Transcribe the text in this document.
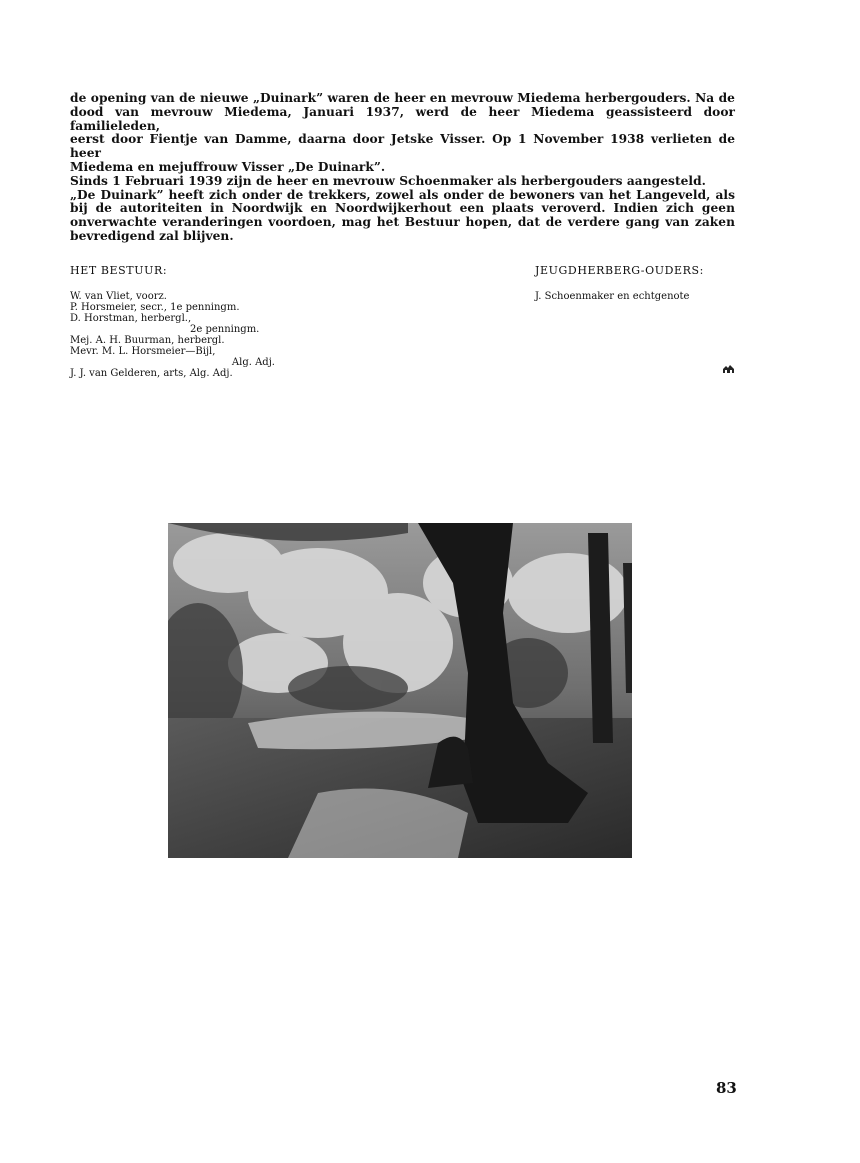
de opening van de nieuwe „Duinark” waren de heer en mevrouw Miedema herbergouders. Na de

dood van mevrouw Miedema, Januari 1937, werd de heer Miedema geassisteerd door familieleden,

eerst door Fientje van Damme, daarna door Jetske Visser. Op 1 November 1938 verlieten de heer

Miedema en mejuffrouw Visser „De Duinark”.

Sinds 1 Februari 1939 zijn de heer en mevrouw Schoenmaker als herbergouders aangesteld.

„De Duinark” heeft zich onder de trekkers, zowel als onder de bewoners van het Langeveld, als

bij de autoriteiten in Noordwijk en Noordwijkerhout een plaats veroverd. Indien zich geen

onverwachte veranderingen voordoen, mag het Bestuur hopen, dat de verdere gang van zaken

bevredigend zal blijven.

HET BESTUUR:

W. van Vliet, voorz.

P. Horsmeier, secr., 1e penningm.

D. Horstman, herbergl.,

2e penningm.

Mej. A. H. Buurman, herbergl.

Mevr. M. L. Horsmeier—Bijl,

Alg. Adj.

J. J. van Gelderen, arts, Alg. Adj.

JEUGDHERBERG-OUDERS:

J. Schoenmaker en echtgenote

83
